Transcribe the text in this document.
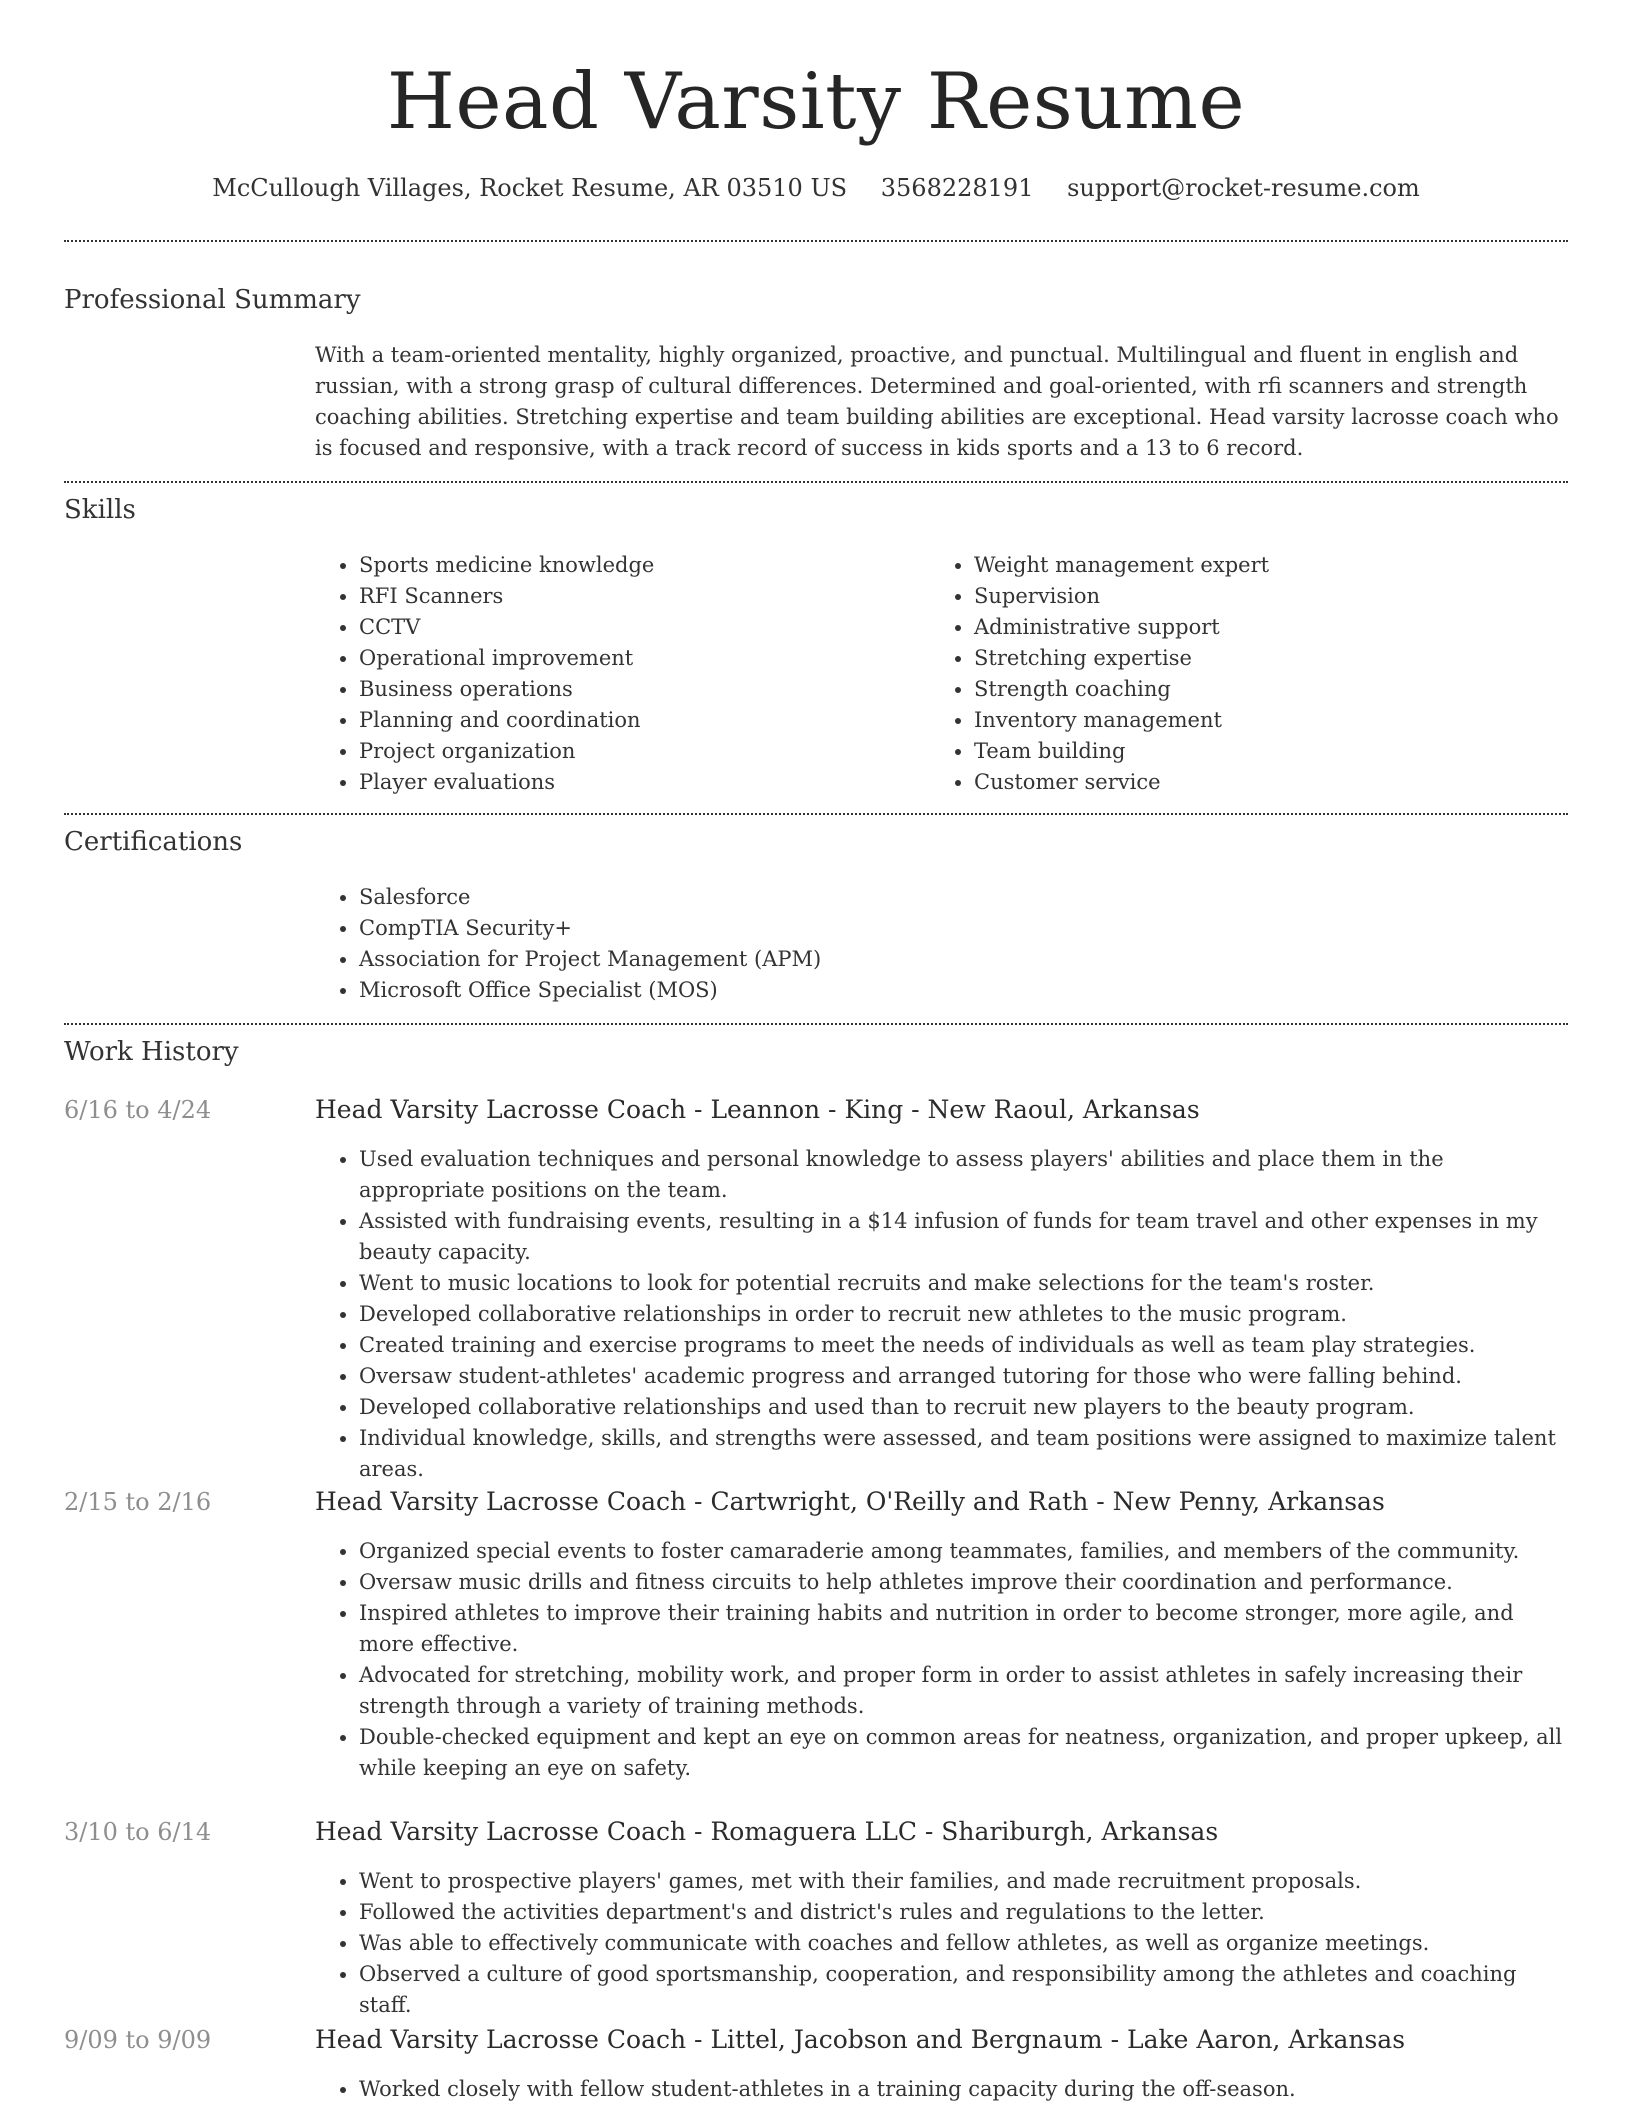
Head Varsity Resume
McCullough Villages, Rocket Resume, AR 03510 US 3568228191 support@rocket-resume.com
Professional Summary

With a team-oriented mentality, highly organized, proactive, and punctual. Multilingual and fluent in english and russian, with a strong grasp of cultural differences. Determined and goal-oriented, with rfi scanners and strength coaching abilities. Stretching expertise and team building abilities are exceptional. Head varsity lacrosse coach who is focused and responsive, with a track record of success in kids sports and a 13 to 6 record.

Skills
• Sports medicine knowledge
• RFI Scanners
• CCTV
• Operational improvement
• Business operations
• Planning and coordination
• Project organization
• Player evaluations
• Weight management expert
• Supervision
• Administrative support
• Stretching expertise
• Strength coaching
• Inventory management
• Team building
• Customer service
Certifications
• Salesforce
• CompTIA Security+
• Association for Project Management (APM)
• Microsoft Office Specialist (MOS)
Work History
6/16 to 4/24	Head Varsity Lacrosse Coach - Leannon - King - New Raoul, Arkansas
• Used evaluation techniques and personal knowledge to assess players' abilities and place them in the appropriate positions on the team.
• Assisted with fundraising events, resulting in a $14 infusion of funds for team travel and other expenses in my beauty capacity.
• Went to music locations to look for potential recruits and make selections for the team's roster.
• Developed collaborative relationships in order to recruit new athletes to the music program.
• Created training and exercise programs to meet the needs of individuals as well as team play strategies.
• Oversaw student-athletes' academic progress and arranged tutoring for those who were falling behind.
• Developed collaborative relationships and used than to recruit new players to the beauty program.
• Individual knowledge, skills, and strengths were assessed, and team positions were assigned to maximize talent areas.
2/15 to 2/16	Head Varsity Lacrosse Coach - Cartwright, O'Reilly and Rath - New Penny, Arkansas
• Organized special events to foster camaraderie among teammates, families, and members of the community.
• Oversaw music drills and fitness circuits to help athletes improve their coordination and performance.
• Inspired athletes to improve their training habits and nutrition in order to become stronger, more agile, and more effective.
• Advocated for stretching, mobility work, and proper form in order to assist athletes in safely increasing their strength through a variety of training methods.
• Double-checked equipment and kept an eye on common areas for neatness, organization, and proper upkeep, all while keeping an eye on safety.
3/10 to 6/14	Head Varsity Lacrosse Coach - Romaguera LLC - Shariburgh, Arkansas
• Went to prospective players' games, met with their families, and made recruitment proposals.
• Followed the activities department's and district's rules and regulations to the letter.
• Was able to effectively communicate with coaches and fellow athletes, as well as organize meetings.
• Observed a culture of good sportsmanship, cooperation, and responsibility among the athletes and coaching staff.
9/09 to 9/09	Head Varsity Lacrosse Coach - Littel, Jacobson and Bergnaum - Lake Aaron, Arkansas
• Worked closely with fellow student-athletes in a training capacity during the off-season.
